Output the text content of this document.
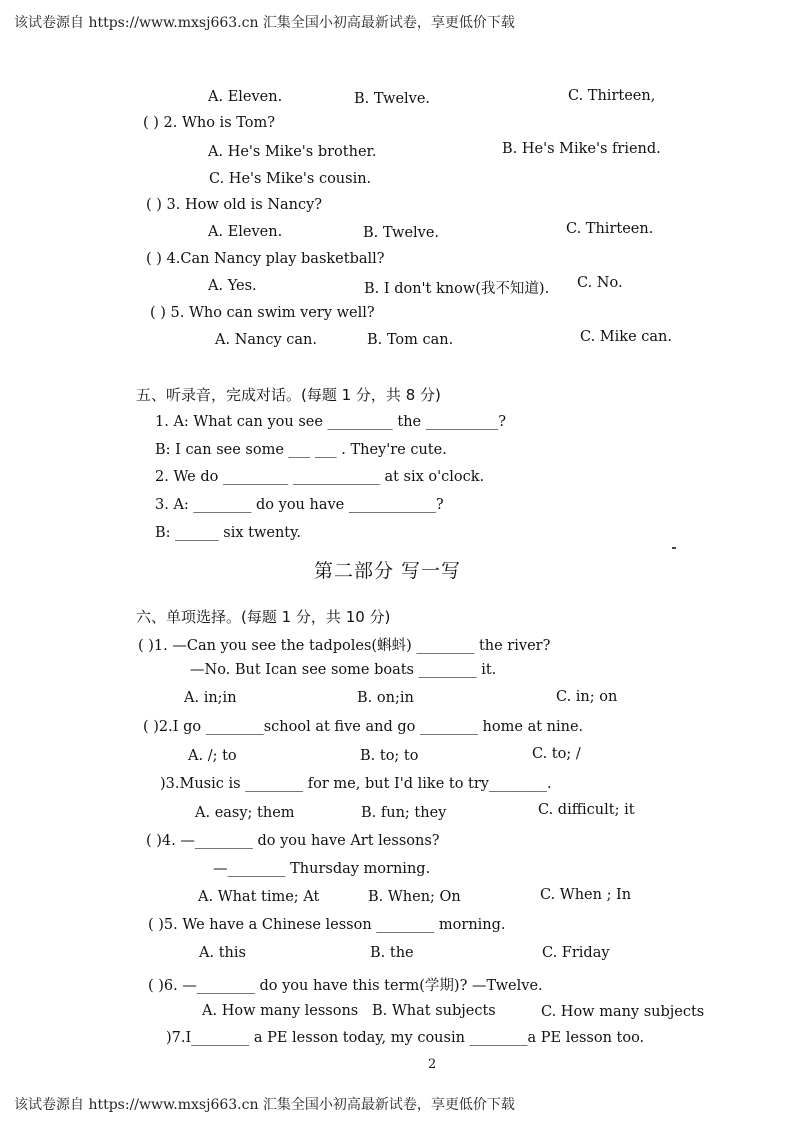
该试卷源自 https://www.mxsj663.cn 汇集全国小初高最新试卷，享更低价下载
A. Eleven.	B. Twelve.	C. Thirteen,
( ) 2. Who is Tom?
A. He's Mike's brother.	B. He's Mike's friend.
C. He's Mike's cousin.
( ) 3. How old is Nancy?
A. Eleven.	B. Twelve.	C. Thirteen.
( ) 4.Can Nancy play basketball?
A. Yes.	B. I don't know(我不知道). C. No.
( ) 5. Who can swim very well?
A. Nancy can.	B. Tom can.	C. Mike can.
五、听录音，完成对话。(每题 1 分，共 8 分)
1. A: What can you see _________ the __________?
B: I can see some ___ ___ . They're cute.
2. We do _________ ____________ at six o'clock.
3. A: ________ do you have ____________?
B: ______ six twenty.
第二部分 写一写
六、单项选择。(每题 1 分，共 10 分)
( )1. —Can you see the tadpoles(蝌蚪) ________ the river?
—No. But Ican see some boats ________ it.
A. in;in	B. on;in	C. in; on
( )2.I go ________school at five and go ________ home at nine.
A. /; to	B. to; to	C. to; /
)3.Music is ________ for me, but I'd like to try________.
A. easy; them	B. fun; they	C. difficult; it
( )4. —________ do you have Art lessons?
—________ Thursday morning.
A. What time; At	B. When; On	C. When ; In
( )5. We have a Chinese lesson ________ morning.
A. this	B. the	C. Friday
( )6. —________ do you have this term(学期)? —Twelve.
A. How many lessons B. What subjects	C. How many subjects
)7.I________ a PE lesson today, my cousin ________a PE lesson too.
2
该试卷源自 https://www.mxsj663.cn 汇集全国小初高最新试卷，享更低价下载
